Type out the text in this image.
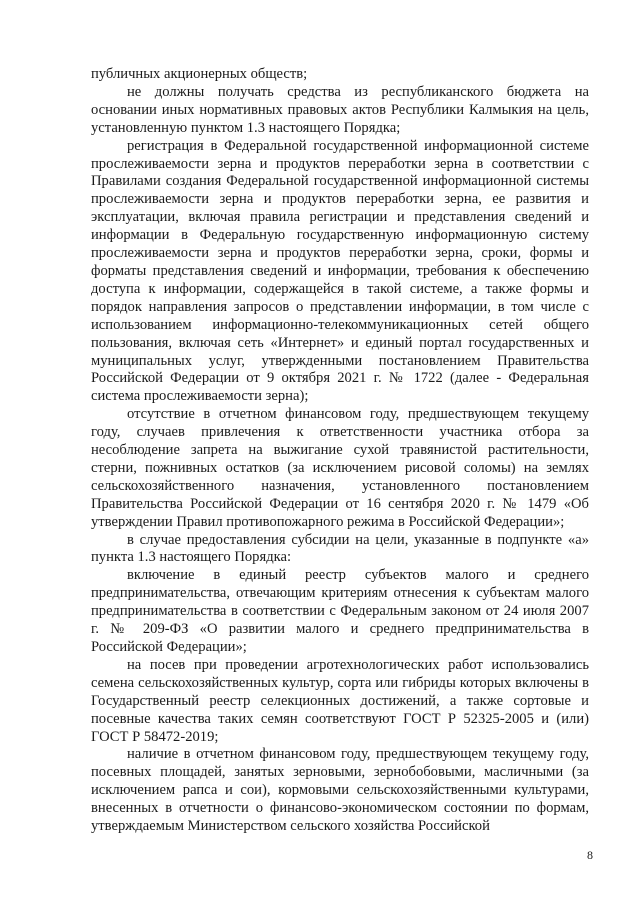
публичных акционерных обществ;

не должны получать средства из республиканского бюджета на основании иных нормативных правовых актов Республики Калмыкия на цель, установленную пунктом 1.3 настоящего Порядка;

регистрация в Федеральной государственной информационной системе прослеживаемости зерна и продуктов переработки зерна в соответствии с Правилами создания Федеральной государственной информационной системы прослеживаемости зерна и продуктов переработки зерна, ее развития и эксплуатации, включая правила регистрации и представления сведений и информации в Федеральную государственную информационную систему прослеживаемости зерна и продуктов переработки зерна, сроки, формы и форматы представления сведений и информации, требования к обеспечению доступа к информации, содержащейся в такой системе, а также формы и порядок направления запросов о представлении информации, в том числе с использованием информационно-телекоммуникационных сетей общего пользования, включая сеть «Интернет» и единый портал государственных и муниципальных услуг, утвержденными постановлением Правительства Российской Федерации от 9 октября 2021 г. № 1722 (далее - Федеральная система прослеживаемости зерна);

отсутствие в отчетном финансовом году, предшествующем текущему году, случаев привлечения к ответственности участника отбора за несоблюдение запрета на выжигание сухой травянистой растительности, стерни, пожнивных остатков (за исключением рисовой соломы) на землях сельскохозяйственного назначения, установленного постановлением Правительства Российской Федерации от 16 сентября 2020 г. № 1479 «Об утверждении Правил противопожарного режима в Российской Федерации»;

в случае предоставления субсидии на цели, указанные в подпункте «а» пункта 1.3 настоящего Порядка:

включение в единый реестр субъектов малого и среднего предпринимательства, отвечающим критериям отнесения к субъектам малого предпринимательства в соответствии с Федеральным законом от 24 июля 2007 г. № 209-ФЗ «О развитии малого и среднего предпринимательства в Российской Федерации»;

на посев при проведении агротехнологических работ использовались семена сельскохозяйственных культур, сорта или гибриды которых включены в Государственный реестр селекционных достижений, а также сортовые и посевные качества таких семян соответствуют ГОСТ Р 52325-2005 и (или) ГОСТ Р 58472-2019;

наличие в отчетном финансовом году, предшествующем текущему году, посевных площадей, занятых зерновыми, зернобобовыми, масличными (за исключением рапса и сои), кормовыми сельскохозяйственными культурами, внесенных в отчетности о финансово-экономическом состоянии по формам, утверждаемым Министерством сельского хозяйства Российской

8
